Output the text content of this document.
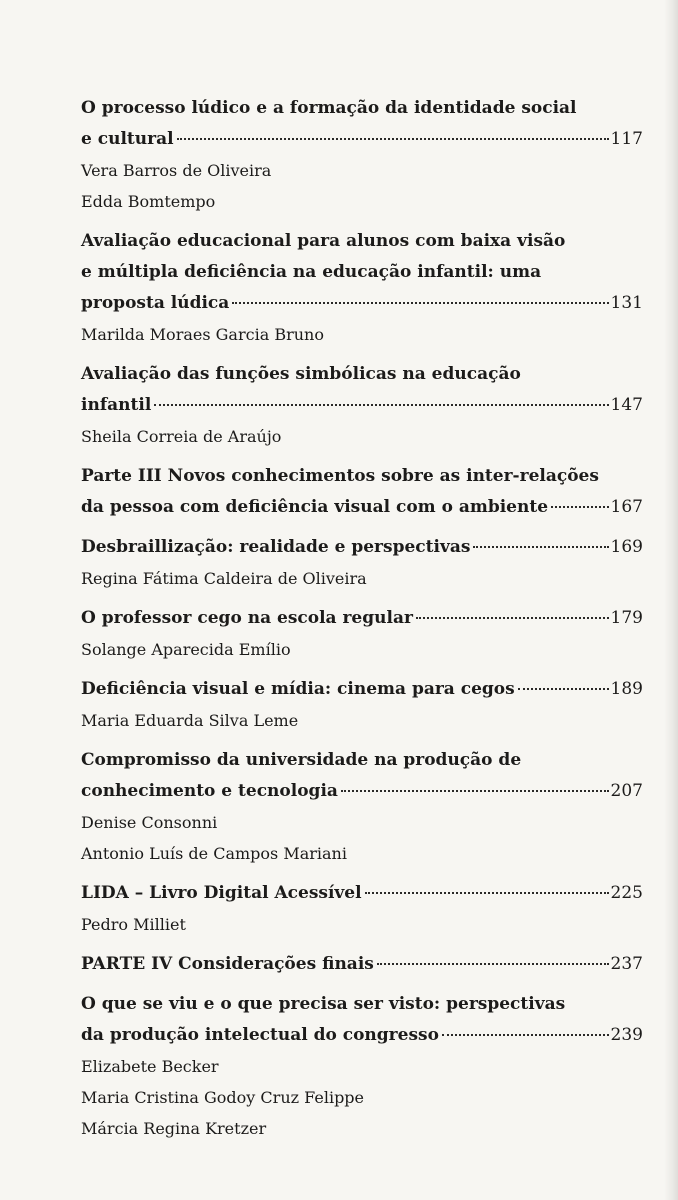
O processo lúdico e a formação da identidade social
e cultural	117
Vera Barros de Oliveira
Edda Bomtempo
Avaliação educacional para alunos com baixa visão
e múltipla deficiência na educação infantil: uma
proposta lúdica	131
Marilda Moraes Garcia Bruno
Avaliação das funções simbólicas na educação
infantil	147
Sheila Correia de Araújo
Parte III Novos conhecimentos sobre as inter-relações
da pessoa com deficiência visual com o ambiente	167
Desbraillização: realidade e perspectivas	169
Regina Fátima Caldeira de Oliveira
O professor cego na escola regular	179
Solange Aparecida Emílio
Deficiência visual e mídia: cinema para cegos	189
Maria Eduarda Silva Leme
Compromisso da universidade na produção de
conhecimento e tecnologia	207
Denise Consonni
Antonio Luís de Campos Mariani
LIDA – Livro Digital Acessível	225
Pedro Milliet
PARTE IV Considerações finais	237
O que se viu e o que precisa ser visto: perspectivas
da produção intelectual do congresso	239
Elizabete Becker
Maria Cristina Godoy Cruz Felippe
Márcia Regina Kretzer
